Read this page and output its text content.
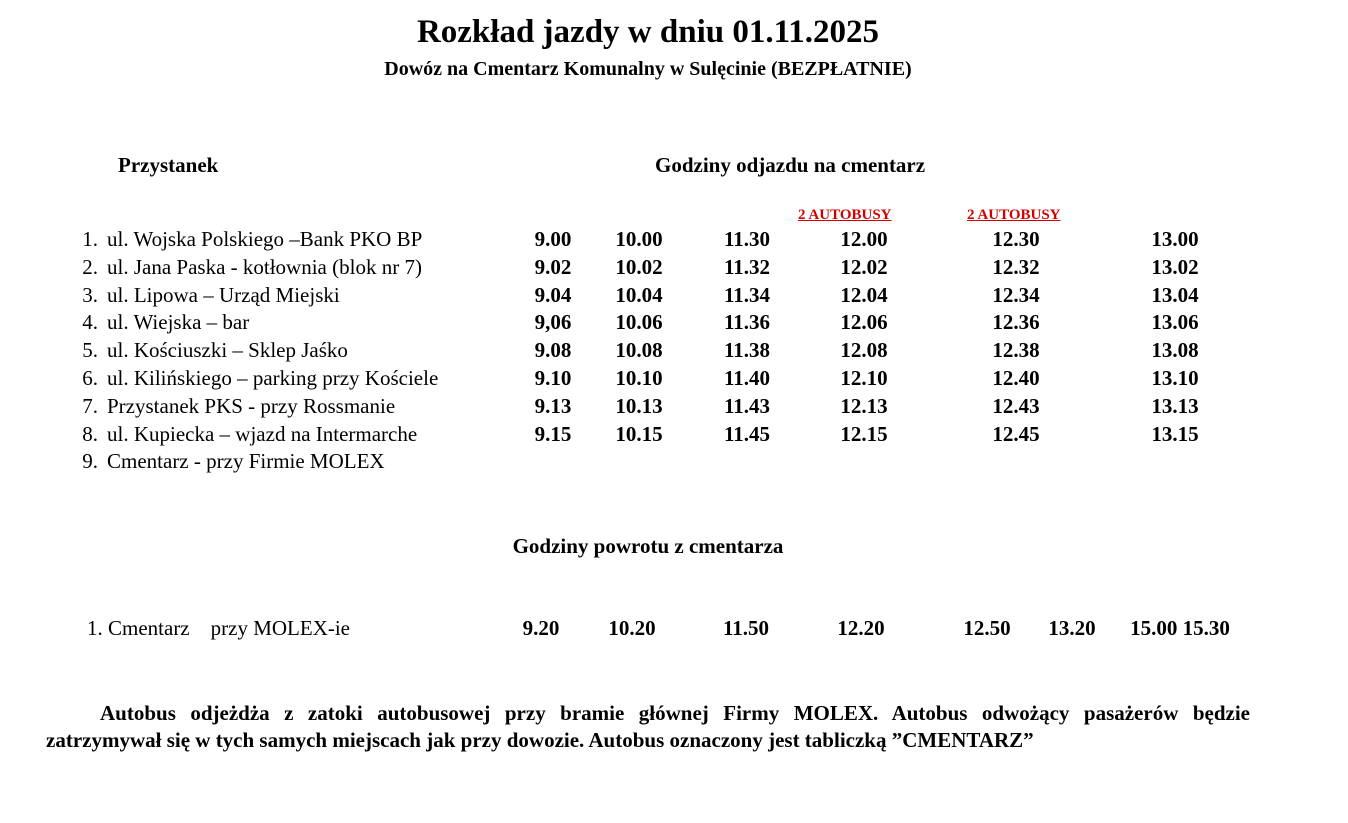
Rozkład jazdy w dniu 01.11.2025
Dowóz na Cmentarz Komunalny w Sulęcinie (BEZPŁATNIE)
Przystanek	Godziny odjazdu na cmentarz
2 AUTOBUSY	2 AUTOBUSY
1. ul. Wojska Polskiego –Bank PKO BP	9.00	10.00	11.30	12.00	12.30	13.00
2. ul. Jana Paska - kotłownia (blok nr 7)	9.02	10.02	11.32	12.02	12.32	13.02
3. ul. Lipowa – Urząd Miejski	9.04	10.04	11.34	12.04	12.34	13.04
4. ul. Wiejska – bar	9,06	10.06	11.36	12.06	12.36	13.06
5. ul. Kościuszki – Sklep Jaśko	9.08	10.08	11.38	12.08	12.38	13.08
6. ul. Kilińskiego – parking przy Kościele	9.10	10.10	11.40	12.10	12.40	13.10
7. Przystanek PKS - przy Rossmanie	9.13	10.13	11.43	12.13	12.43	13.13
8. ul. Kupiecka – wjazd na Intermarche	9.15	10.15	11.45	12.15	12.45	13.15
9. Cmentarz - przy Firmie MOLEX
Godziny powrotu z cmentarza
1. Cmentarz    przy MOLEX-ie	9.20	10.20	11.50	12.20	12.50	13.20	15.00 15.30
Autobus odjeżdża z zatoki autobusowej przy bramie głównej Firmy MOLEX. Autobus odwożący pasażerów będzie zatrzymywał się w tych samych miejscach jak przy dowozie. Autobus oznaczony jest tabliczką ”CMENTARZ”
